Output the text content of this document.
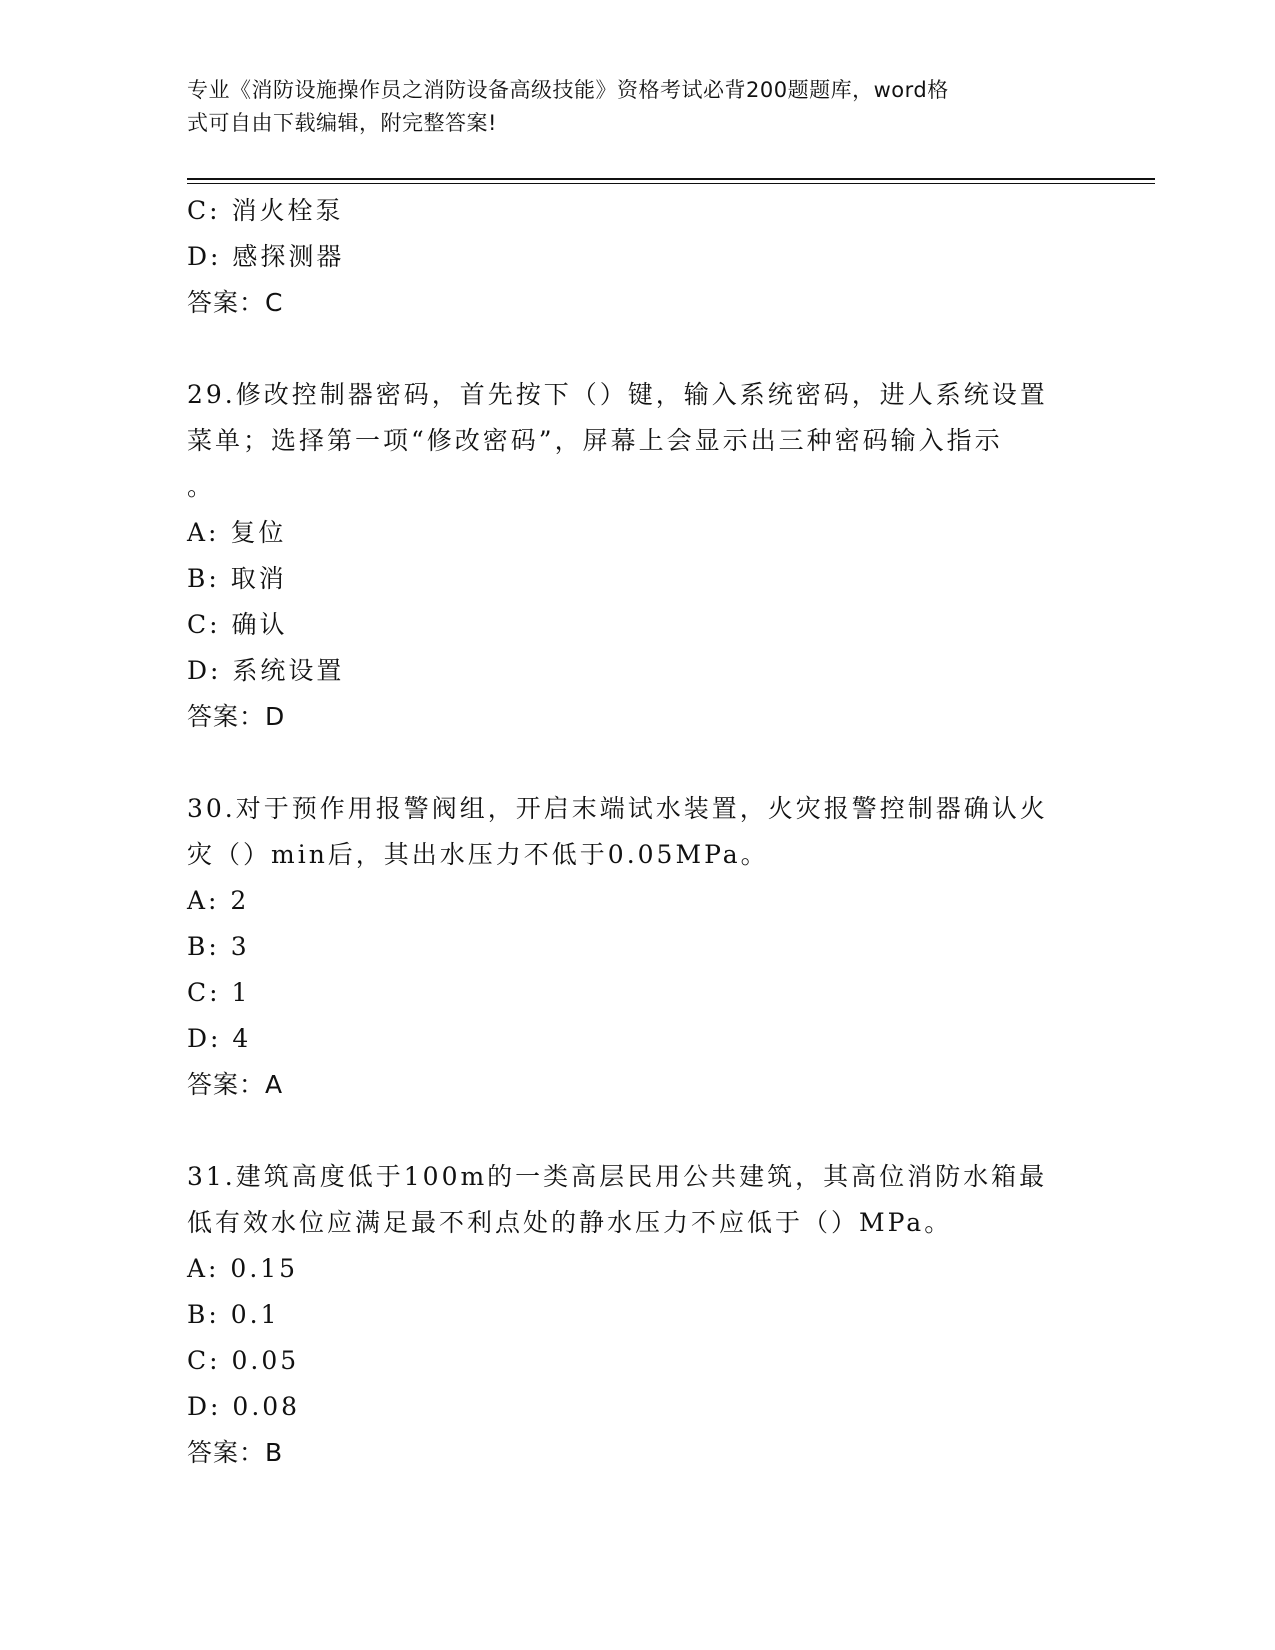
专业《消防设施操作员之消防设备高级技能》资格考试必背200题题库，word格
式可自由下载编辑，附完整答案!
C: 消火栓泵
D: 感探测器
答案：C
29.修改控制器密码，首先按下（）键，输入系统密码，进人系统设置
菜单；选择第一项“修改密码”，屏幕上会显示出三种密码输入指示
。
A: 复位
B: 取消
C: 确认
D: 系统设置
答案：D
30.对于预作用报警阀组，开启末端试水装置，火灾报警控制器确认火
灾（）min后，其出水压力不低于0.05MPa。
A: 2
B: 3
C: 1
D: 4
答案：A
31.建筑高度低于100m的一类高层民用公共建筑，其高位消防水箱最
低有效水位应满足最不利点处的静水压力不应低于（）MPa。
A: 0.15
B: 0.1
C: 0.05
D: 0.08
答案：B
